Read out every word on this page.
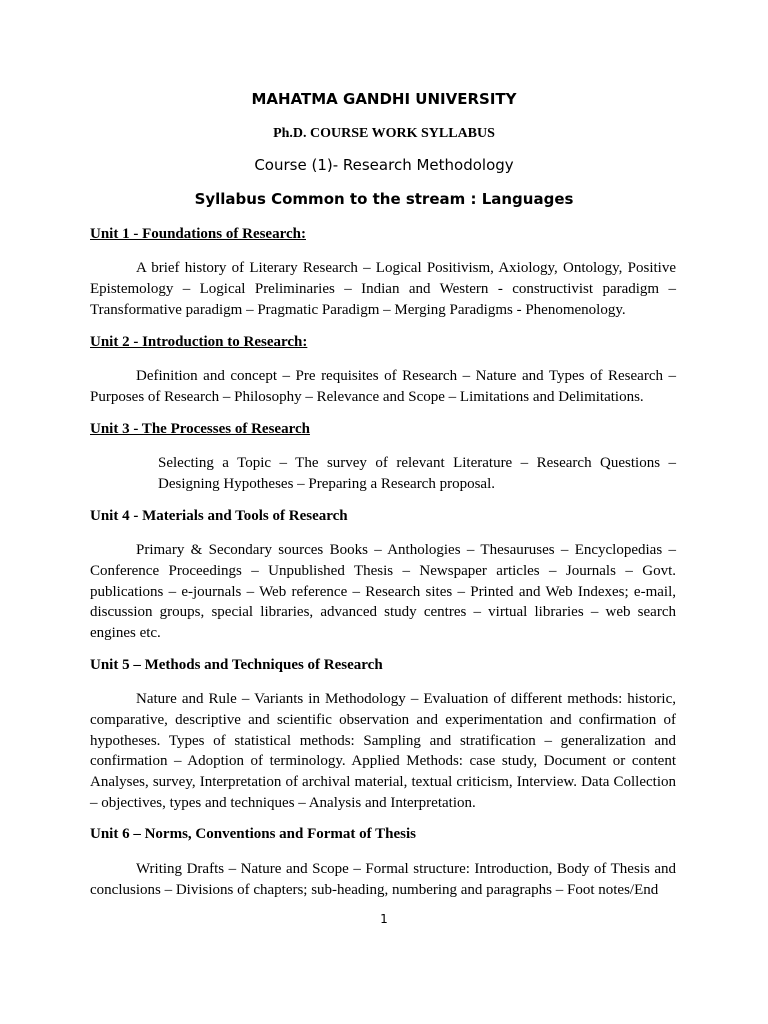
MAHATMA GANDHI UNIVERSITY
Ph.D. COURSE WORK SYLLABUS
Course (1)- Research Methodology
Syllabus Common to the stream : Languages
Unit 1 - Foundations of Research:
A brief history of Literary Research – Logical Positivism, Axiology, Ontology, Positive Epistemology – Logical Preliminaries – Indian and Western - constructivist paradigm – Transformative paradigm – Pragmatic Paradigm – Merging Paradigms - Phenomenology.
Unit 2 - Introduction to Research:
Definition and concept – Pre requisites of Research – Nature and Types of Research – Purposes of Research – Philosophy – Relevance and Scope – Limitations and Delimitations.
Unit 3 - The Processes of Research
Selecting a Topic – The survey of relevant Literature – Research Questions – Designing Hypotheses – Preparing a Research proposal.
Unit 4 - Materials and Tools of Research
Primary & Secondary sources Books – Anthologies – Thesauruses – Encyclopedias – Conference Proceedings – Unpublished Thesis – Newspaper articles – Journals – Govt. publications – e-journals – Web reference – Research sites – Printed and Web Indexes; e-mail, discussion groups, special libraries, advanced study centres – virtual libraries – web search engines etc.
Unit 5 – Methods and Techniques of Research
Nature and Rule – Variants in Methodology – Evaluation of different methods: historic, comparative, descriptive and scientific observation and experimentation and confirmation of hypotheses. Types of statistical methods: Sampling and stratification – generalization and confirmation – Adoption of terminology. Applied Methods: case study, Document or content Analyses, survey, Interpretation of archival material, textual criticism, Interview. Data Collection – objectives, types and techniques – Analysis and Interpretation.
Unit 6 – Norms, Conventions and Format of Thesis
Writing Drafts – Nature and Scope – Formal structure: Introduction, Body of Thesis and conclusions – Divisions of chapters; sub-heading, numbering and paragraphs – Foot notes/End
1
